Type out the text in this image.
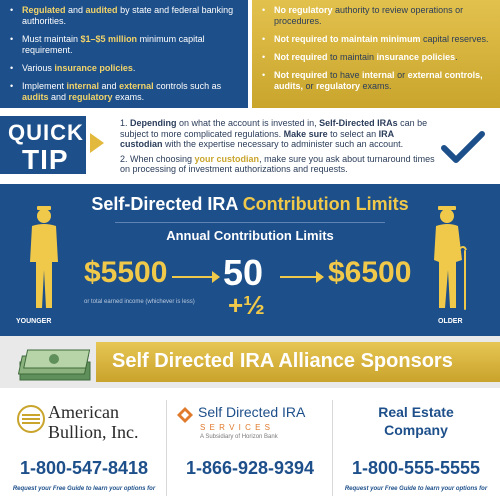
• Regulated and audited by state and federal banking authorities.
• Must maintain $1–$5 million minimum capital requirement.
• Various insurance policies.
• Implement internal and external controls such as audits and regulatory exams.
• No regulatory authority to review operations or procedures.
• Not required to maintain minimum capital reserves.
• Not required to maintain insurance policies.
• Not required to have internal or external controls, audits, or regulatory exams.
QUICK
TIP

1. Depending on what the account is invested in, Self-Directed IRAs can be subject to more complicated regulations. Make sure to select an IRA custodian with the expertise necessary to administer such an account.

2. When choosing your custodian, make sure you ask about turnaround times on processing of investment authorizations and requests.

Self-Directed IRA Contribution Limits
Annual Contribution Limits
YOUNGER	OLDER
$5500
or total earned income (whichever is less)
50
+½
$6500
Self Directed IRA Alliance Sponsors
American
Bullion, Inc.
1-800-547-8418
Request your Free Guide to learn your options for
Self Directed IRA
S E R V I C E S
A Subsidiary of Horizon Bank
1-866-928-9394
Real Estate
Company
1-800-555-5555
Request your Free Guide to learn your options for
